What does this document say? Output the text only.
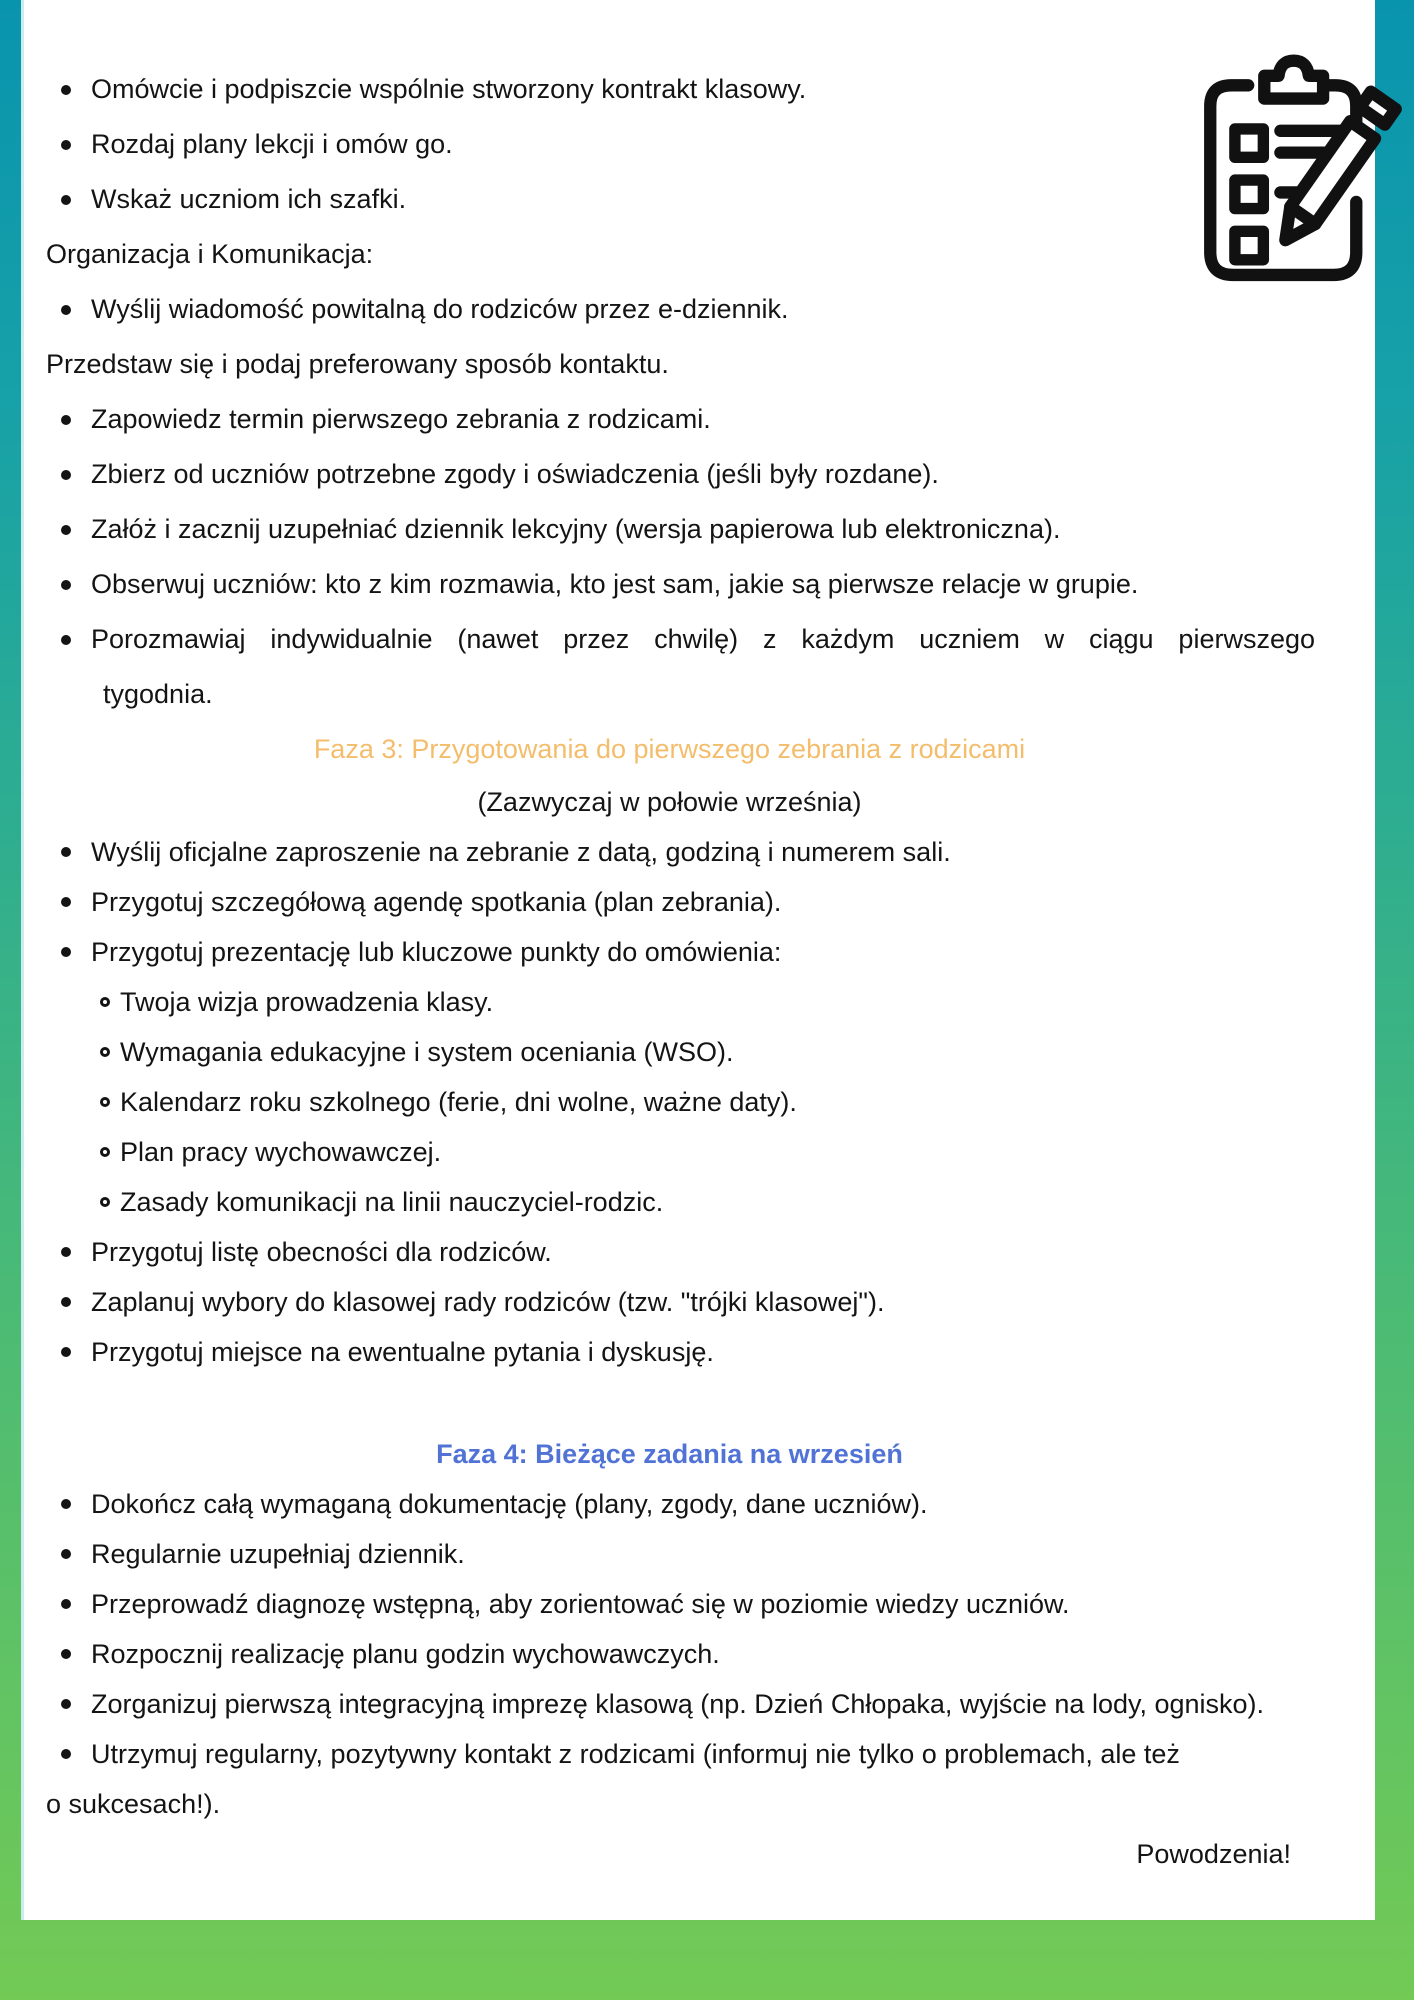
Omówcie i podpiszcie wspólnie stworzony kontrakt klasowy.
Rozdaj plany lekcji i omów go.
Wskaż uczniom ich szafki.
Organizacja i Komunikacja:
Wyślij wiadomość powitalną do rodziców przez e-dziennik.
Przedstaw się i podaj preferowany sposób kontaktu.
Zapowiedz termin pierwszego zebrania z rodzicami.
Zbierz od uczniów potrzebne zgody i oświadczenia (jeśli były rozdane).
Załóż i zacznij uzupełniać dziennik lekcyjny (wersja papierowa lub elektroniczna).
Obserwuj uczniów: kto z kim rozmawia, kto jest sam, jakie są pierwsze relacje w grupie.
Porozmawiaj indywidualnie (nawet przez chwilę) z każdym uczniem w ciągu pierwszego
tygodnia.
Faza 3: Przygotowania do pierwszego zebrania z rodzicami
(Zazwyczaj w połowie września)
Wyślij oficjalne zaproszenie na zebranie z datą, godziną i numerem sali.
Przygotuj szczegółową agendę spotkania (plan zebrania).
Przygotuj prezentację lub kluczowe punkty do omówienia:
Twoja wizja prowadzenia klasy.
Wymagania edukacyjne i system oceniania (WSO).
Kalendarz roku szkolnego (ferie, dni wolne, ważne daty).
Plan pracy wychowawczej.
Zasady komunikacji na linii nauczyciel-rodzic.
Przygotuj listę obecności dla rodziców.
Zaplanuj wybory do klasowej rady rodziców (tzw. "trójki klasowej").
Przygotuj miejsce na ewentualne pytania i dyskusję.
Faza 4: Bieżące zadania na wrzesień
Dokończ całą wymaganą dokumentację (plany, zgody, dane uczniów).
Regularnie uzupełniaj dziennik.
Przeprowadź diagnozę wstępną, aby zorientować się w poziomie wiedzy uczniów.
Rozpocznij realizację planu godzin wychowawczych.
Zorganizuj pierwszą integracyjną imprezę klasową (np. Dzień Chłopaka, wyjście na lody, ognisko).
Utrzymuj regularny, pozytywny kontakt z rodzicami (informuj nie tylko o problemach, ale też
o sukcesach!).
Powodzenia!
